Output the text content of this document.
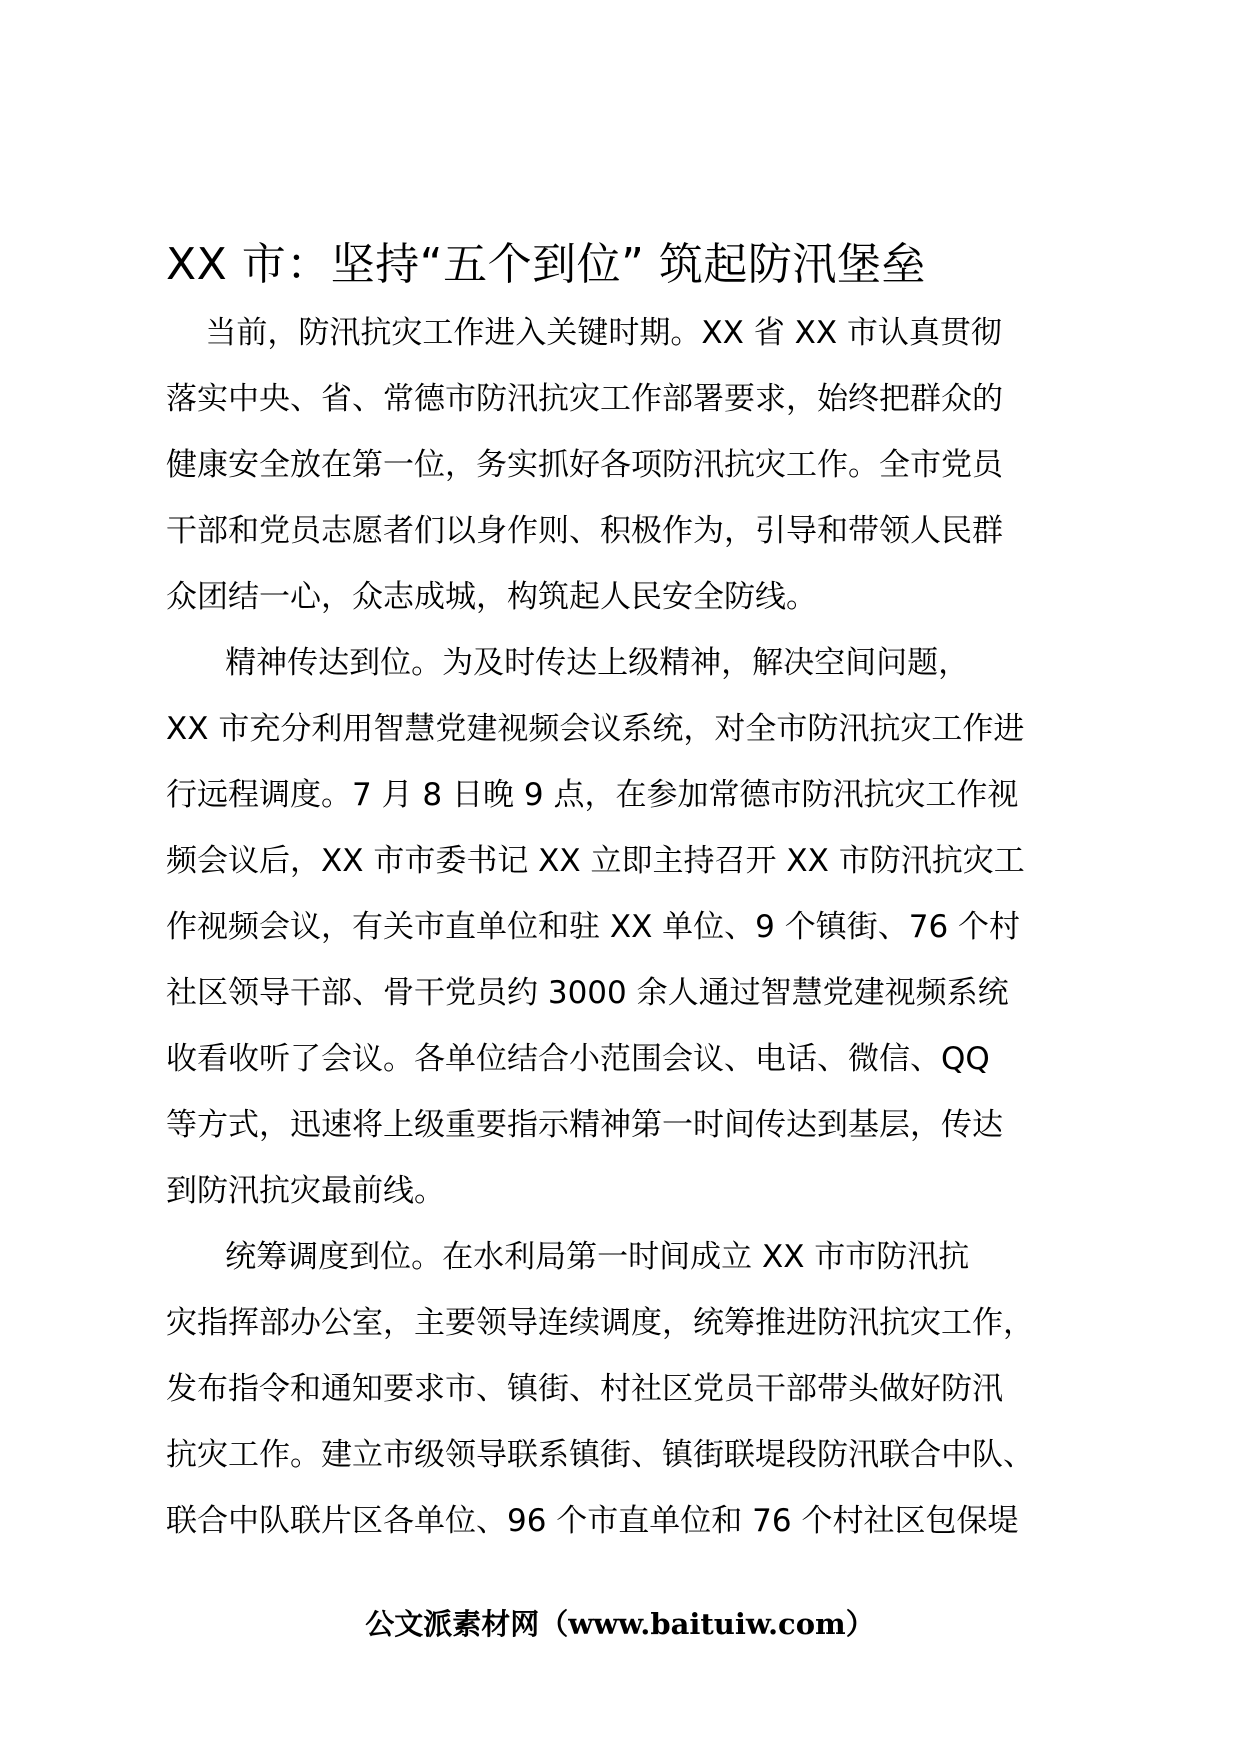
XX 市：坚持“五个到位” 筑起防汛堡垒

当前，防汛抗灾工作进入关键时期。XX 省 XX 市认真贯彻
落实中央、省、常德市防汛抗灾工作部署要求，始终把群众的
健康安全放在第一位，务实抓好各项防汛抗灾工作。全市党员
干部和党员志愿者们以身作则、积极作为，引导和带领人民群
众团结一心，众志成城，构筑起人民安全防线。

精神传达到位。为及时传达上级精神，解决空间问题，
XX 市充分利用智慧党建视频会议系统，对全市防汛抗灾工作进
行远程调度。7 月 8 日晚 9 点，在参加常德市防汛抗灾工作视
频会议后，XX 市市委书记 XX 立即主持召开 XX 市防汛抗灾工
作视频会议，有关市直单位和驻 XX 单位、9 个镇街、76 个村
社区领导干部、骨干党员约 3000 余人通过智慧党建视频系统
收看收听了会议。各单位结合小范围会议、电话、微信、QQ
等方式，迅速将上级重要指示精神第一时间传达到基层，传达
到防汛抗灾最前线。

统筹调度到位。在水利局第一时间成立 XX 市市防汛抗
灾指挥部办公室，主要领导连续调度，统筹推进防汛抗灾工作，
发布指令和通知要求市、镇街、村社区党员干部带头做好防汛
抗灾工作。建立市级领导联系镇街、镇街联堤段防汛联合中队、
联合中队联片区各单位、96 个市直单位和 76 个村社区包保堤

公文派素材网（www.baituiw.com）
